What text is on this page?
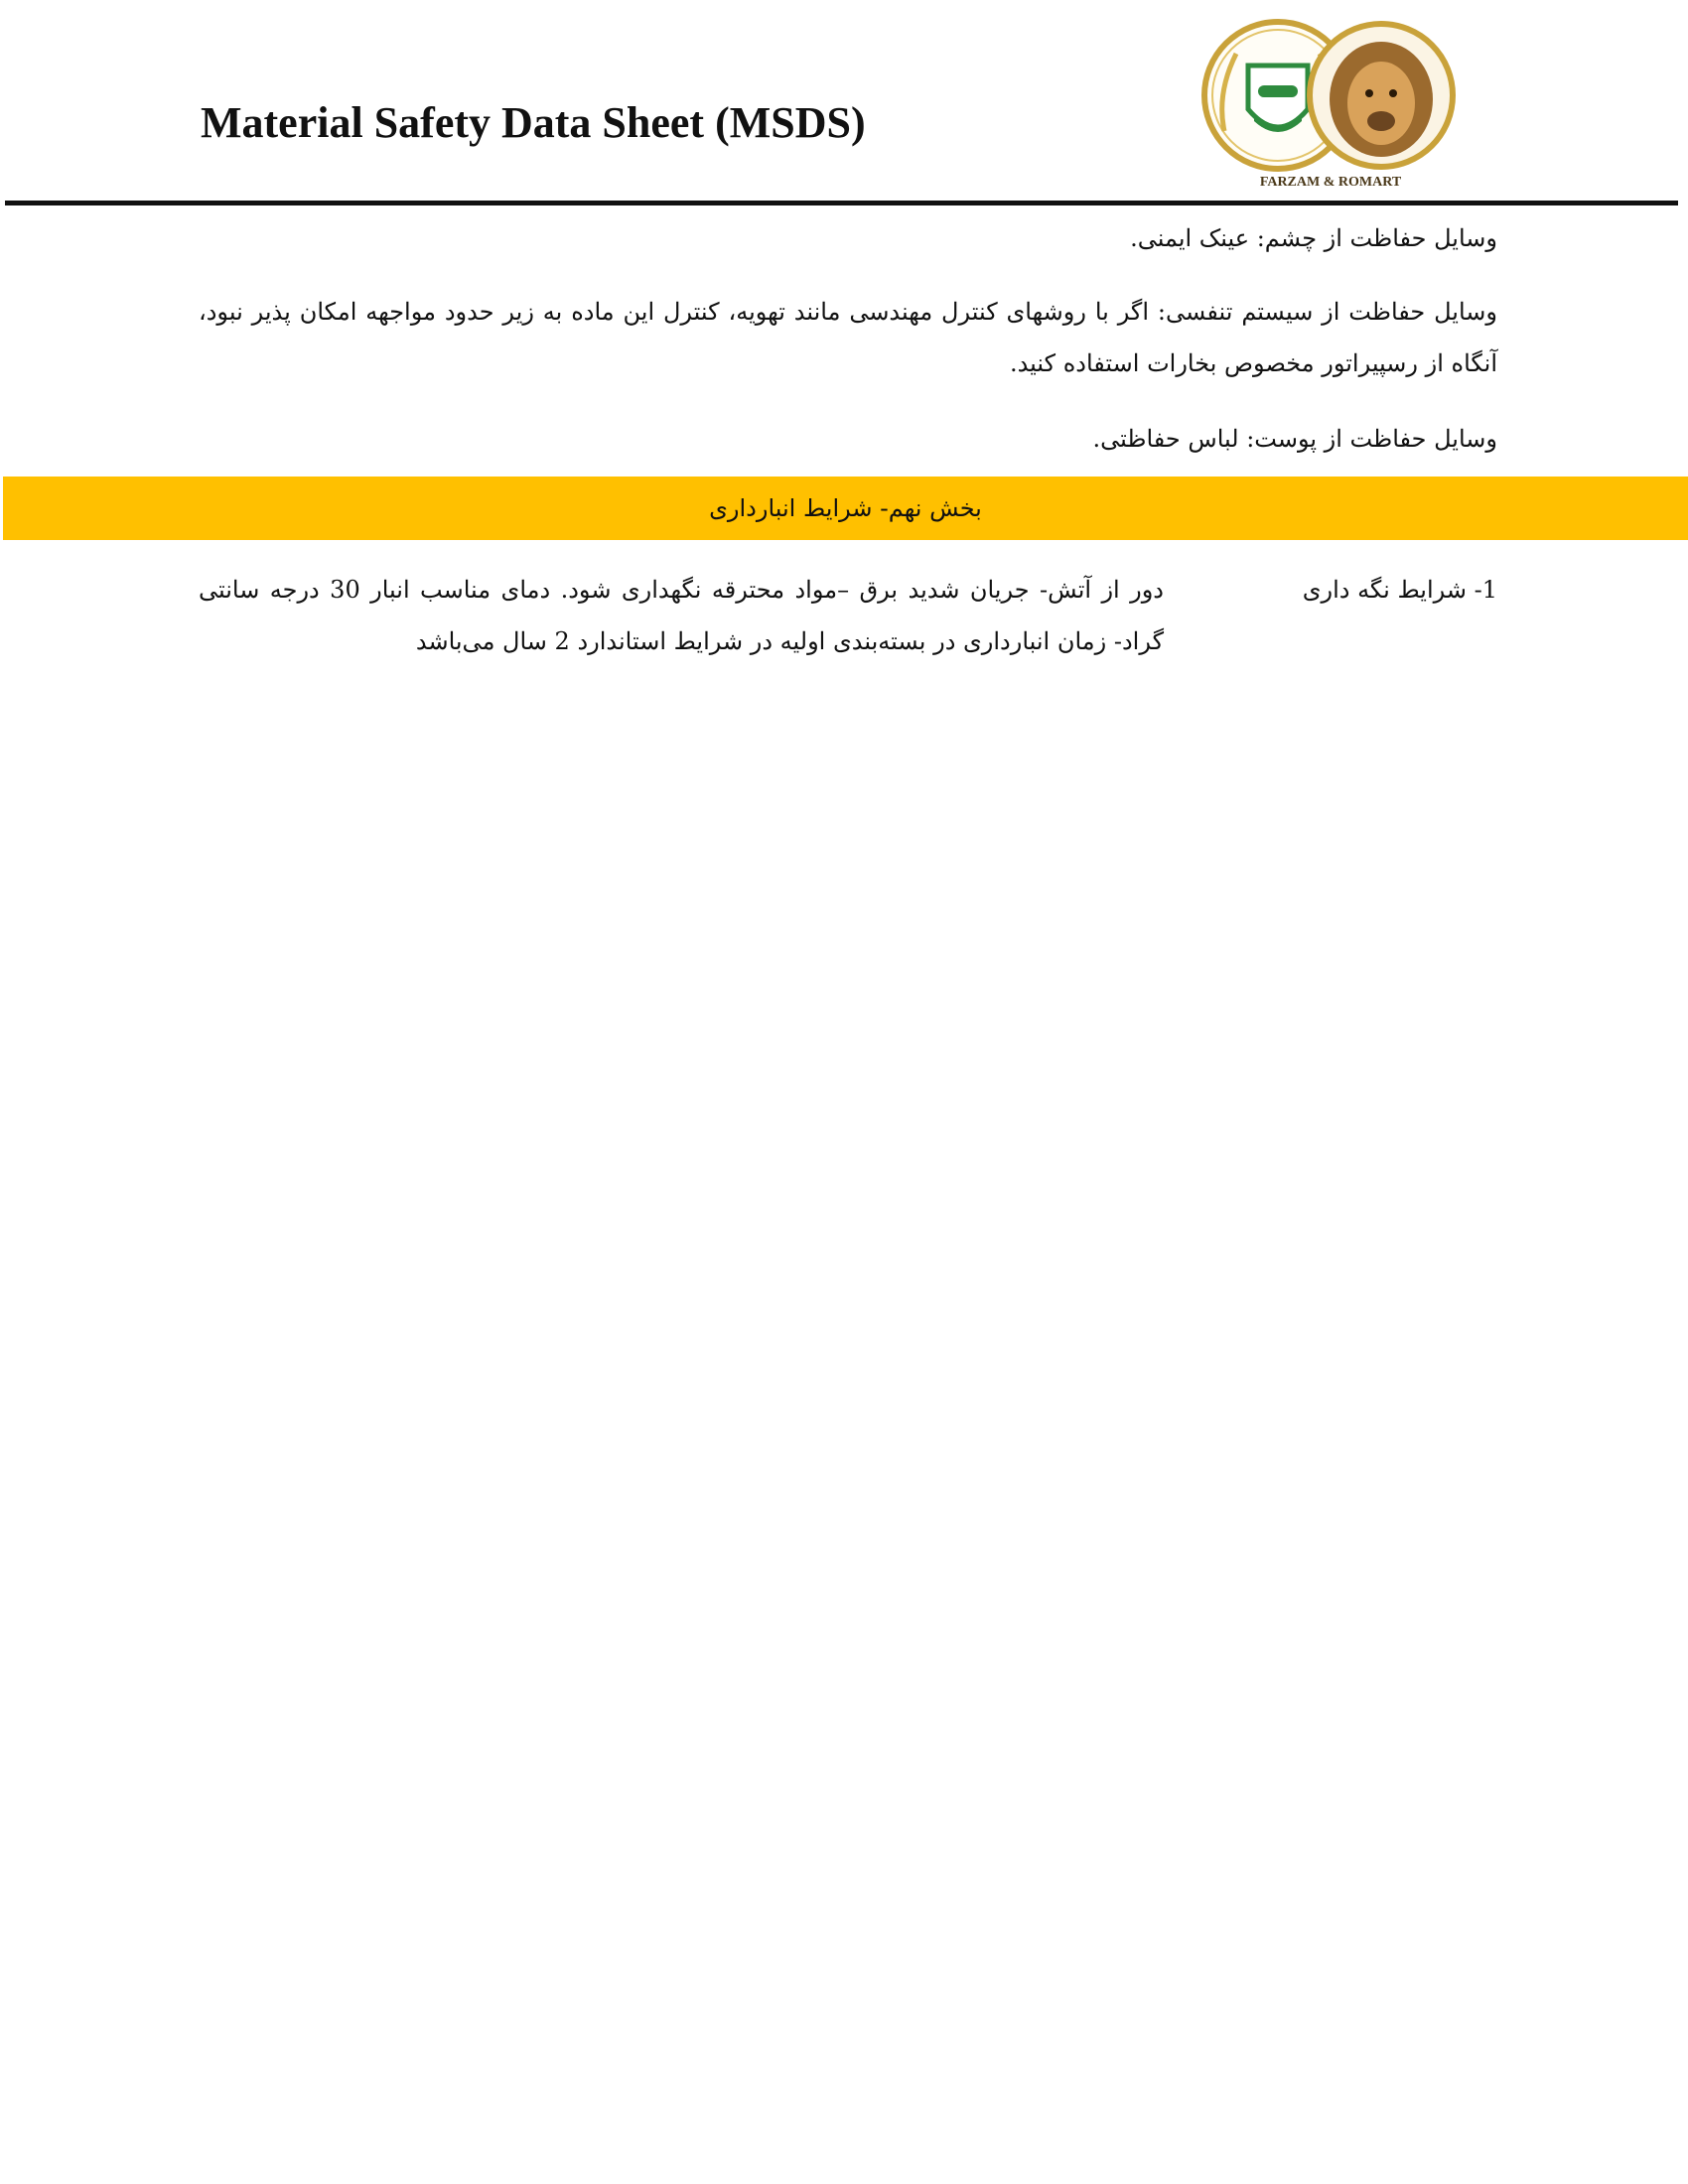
Material Safety Data Sheet (MSDS)
FARZAM & ROMART
وسایل حفاظت از چشم: عینک ایمنی.
وسایل حفاظت از سیستم تنفسی: اگر با روشهای کنترل مهندسی مانند تهویه، کنترل این ماده به زیر حدود مواجهه امکان پذیر نبود، آنگاه از رسپیراتور مخصوص بخارات استفاده کنید.
وسایل حفاظت از پوست: لباس حفاظتی.
بخش نهم- شرایط انبارداری
1- شرایط نگه داری
دور از آتش- جریان شدید برق –مواد محترقه نگهداری شود. دمای مناسب انبار 30 درجه سانتی گراد- زمان انبارداری در بسته‌بندی اولیه در شرایط استاندارد 2 سال می‌باشد
